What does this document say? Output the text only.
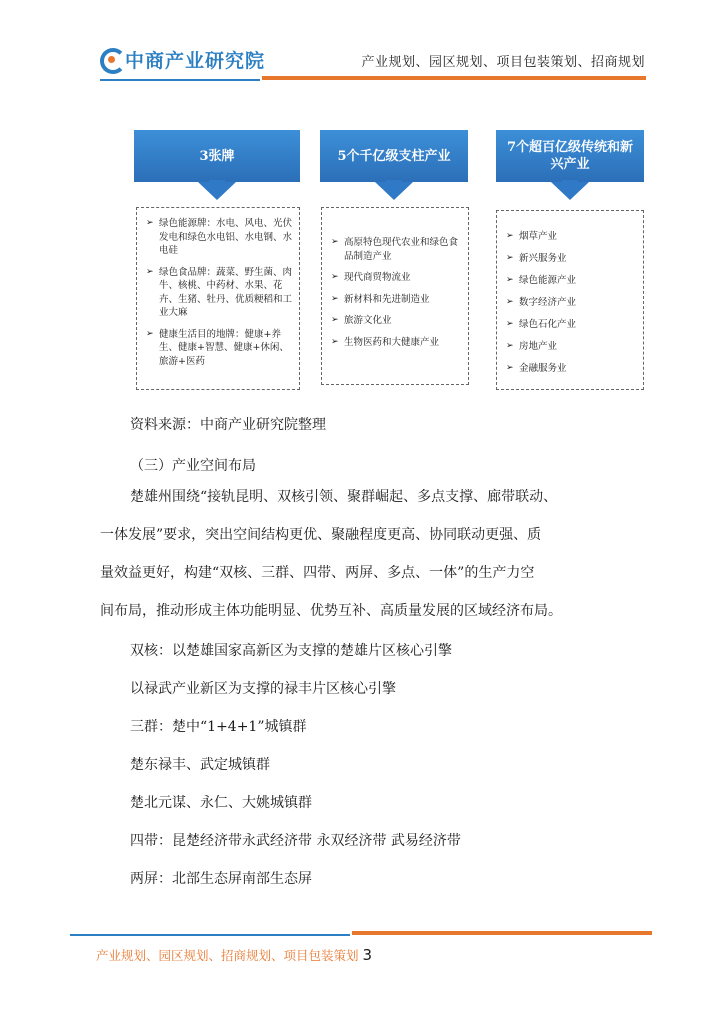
中商产业研究院	产业规划、园区规划、项目包装策划、招商规划
3张牌
➢ 绿色能源牌：水电、风电、光伏发电和绿色水电铝、水电钢、水电硅
➢ 绿色食品牌：蔬菜、野生菌、肉牛、核桃、中药材、水果、花卉、生猪、牡丹、优质粳稻和工业大麻
➢ 健康生活目的地牌：健康+养生、健康+智慧、健康+休闲、旅游+医药
5个千亿级支柱产业
➢ 高原特色现代农业和绿色食品制造产业
➢ 现代商贸物流业
➢ 新材料和先进制造业
➢ 旅游文化业
➢ 生物医药和大健康产业
7个超百亿级传统和新
兴产业
➢ 烟草产业
➢ 新兴服务业
➢ 绿色能源产业
➢ 数字经济产业
➢ 绿色石化产业
➢ 房地产业
➢ 金融服务业
资料来源：中商产业研究院整理
（三）产业空间布局
楚雄州围绕“接轨昆明、双核引领、聚群崛起、多点支撑、廊带联动、
一体发展”要求，突出空间结构更优、聚融程度更高、协同联动更强、质
量效益更好，构建“双核、三群、四带、两屏、多点、一体”的生产力空
间布局，推动形成主体功能明显、优势互补、高质量发展的区域经济布局。
双核：以楚雄国家高新区为支撑的楚雄片区核心引擎
以禄武产业新区为支撑的禄丰片区核心引擎
三群：楚中“1+4+1”城镇群
楚东禄丰、武定城镇群
楚北元谋、永仁、大姚城镇群
四带：昆楚经济带永武经济带 永双经济带 武易经济带
两屏：北部生态屏南部生态屏
产业规划、园区规划、招商规划、项目包装策划 3
